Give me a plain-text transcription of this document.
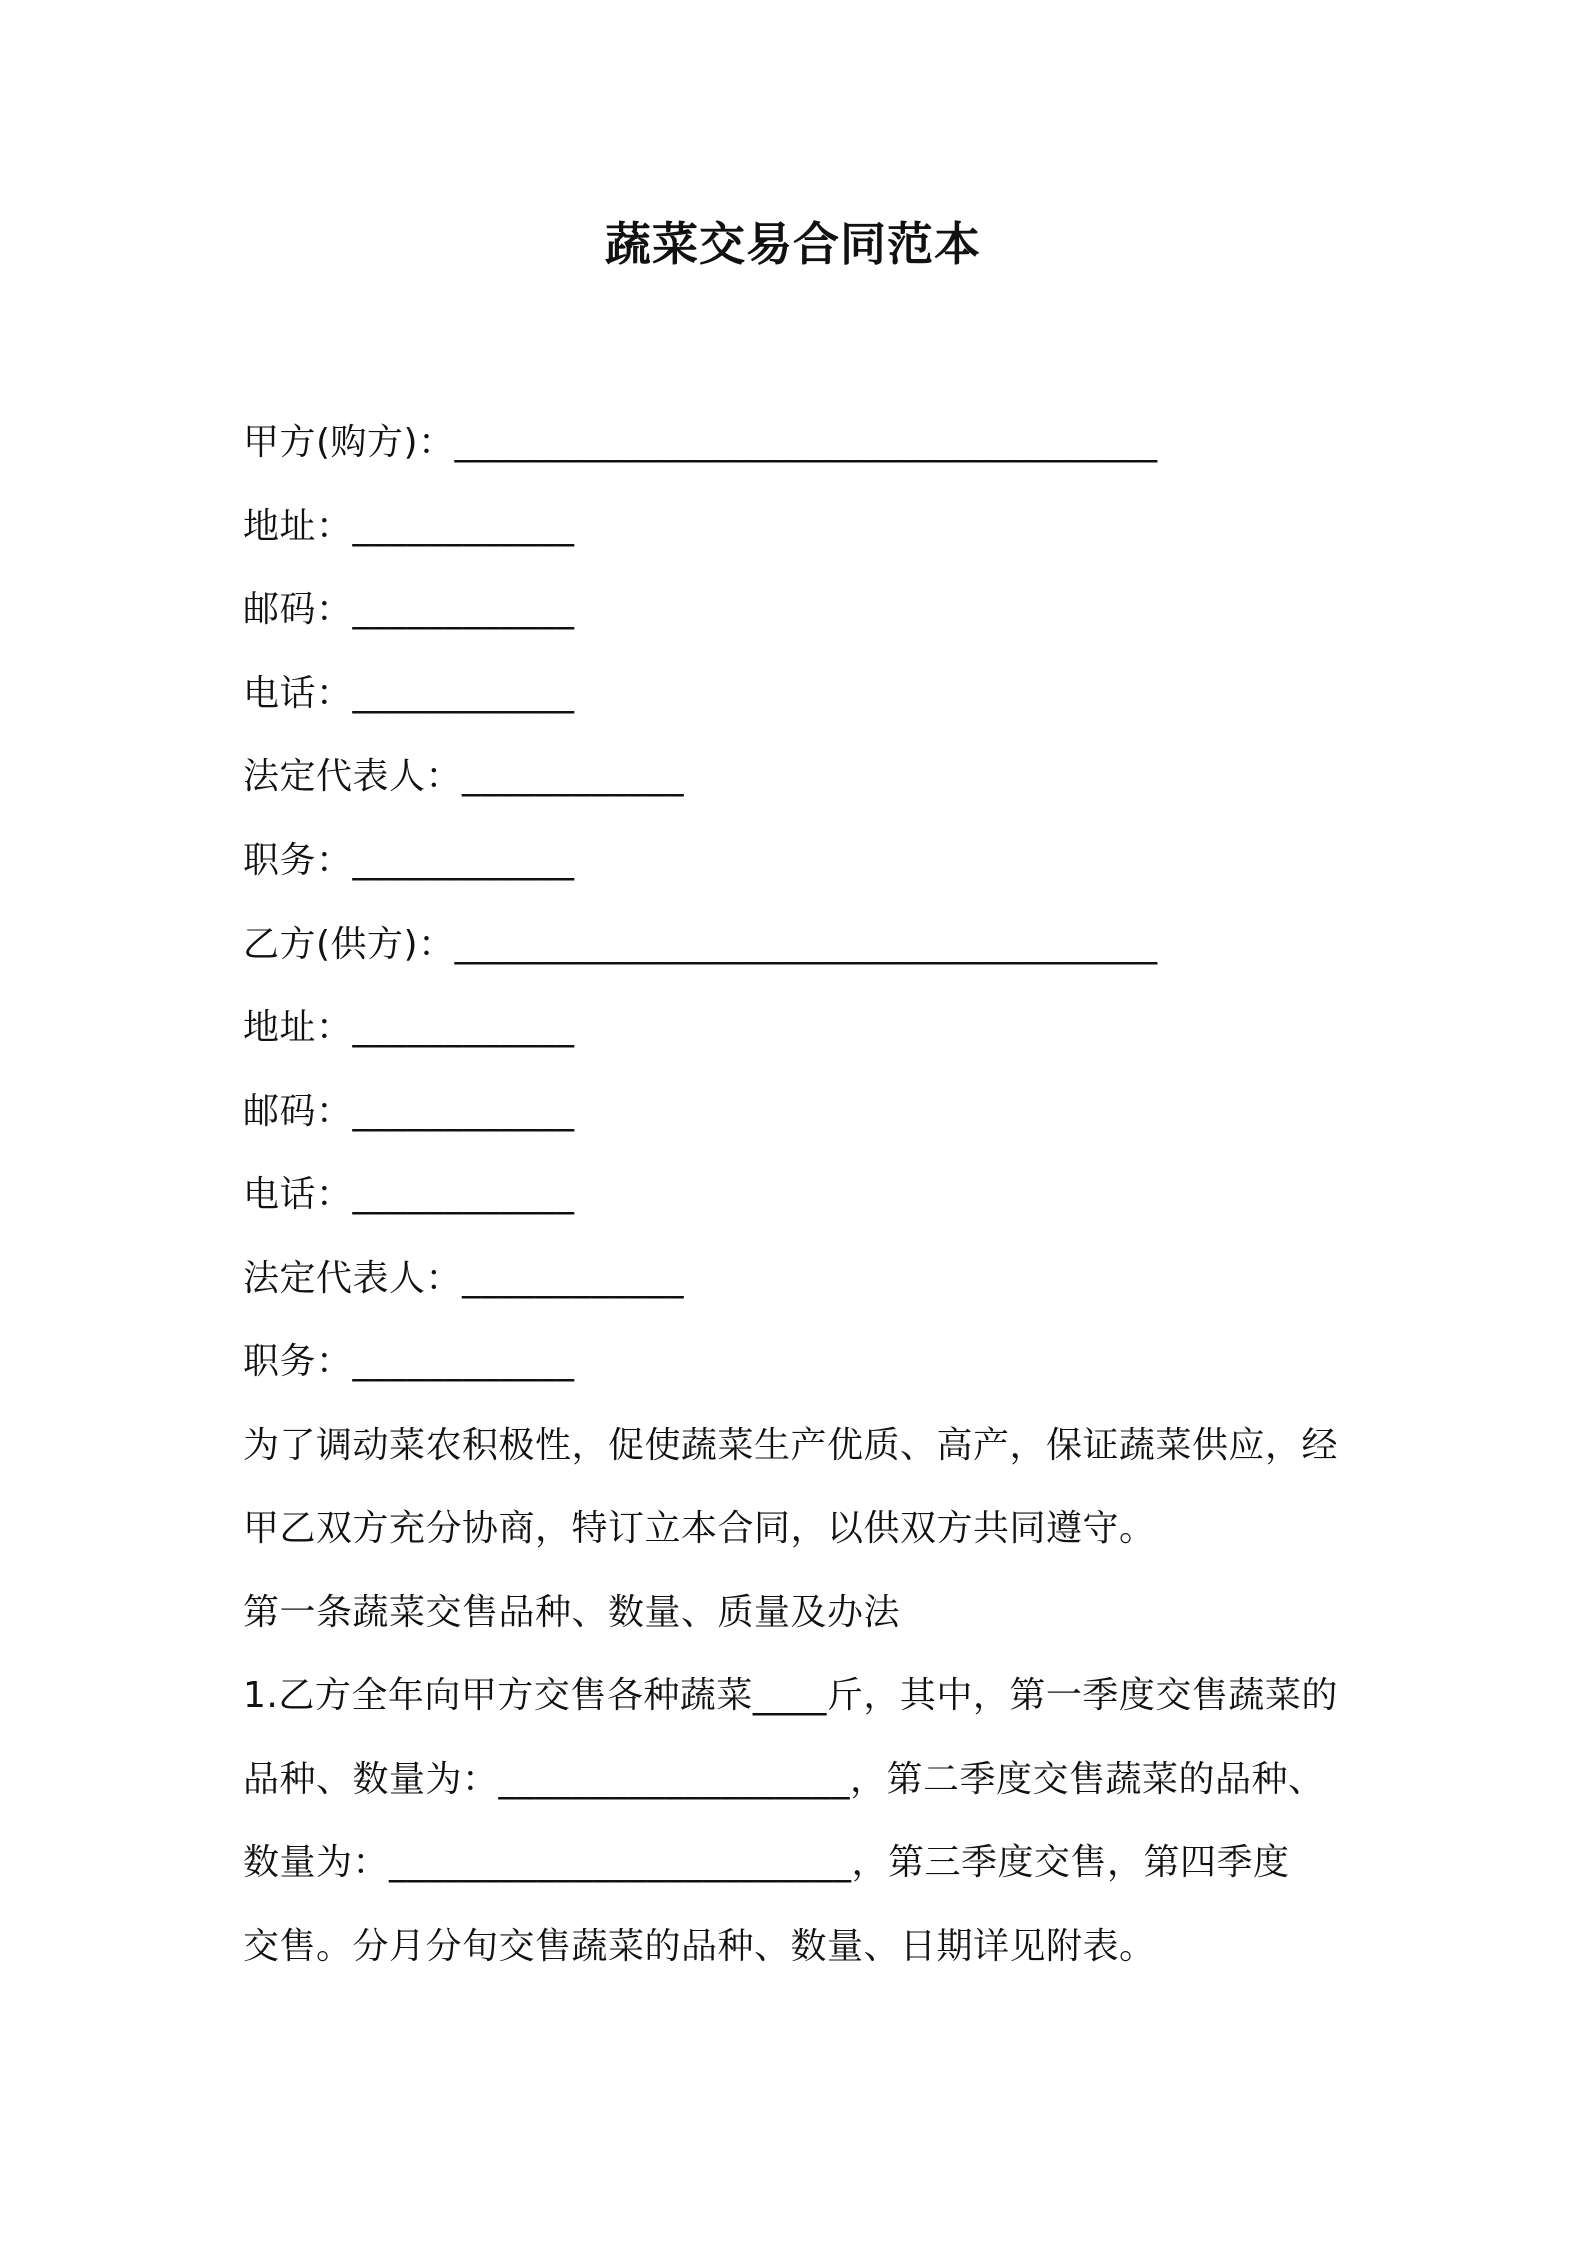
蔬菜交易合同范本
甲方(购方)：______________________________________
地址：____________
邮码：____________
电话：____________
法定代表人：____________
职务：____________
乙方(供方)：______________________________________
地址：____________
邮码：____________
电话：____________
法定代表人：____________
职务：____________
为了调动菜农积极性，促使蔬菜生产优质、高产，保证蔬菜供应，经
甲乙双方充分协商，特订立本合同，以供双方共同遵守。
第一条蔬菜交售品种、数量、质量及办法
1.乙方全年向甲方交售各种蔬菜____斤，其中，第一季度交售蔬菜的
品种、数量为：___________________，第二季度交售蔬菜的品种、
数量为：_________________________，第三季度交售，第四季度
交售。分月分旬交售蔬菜的品种、数量、日期详见附表。
